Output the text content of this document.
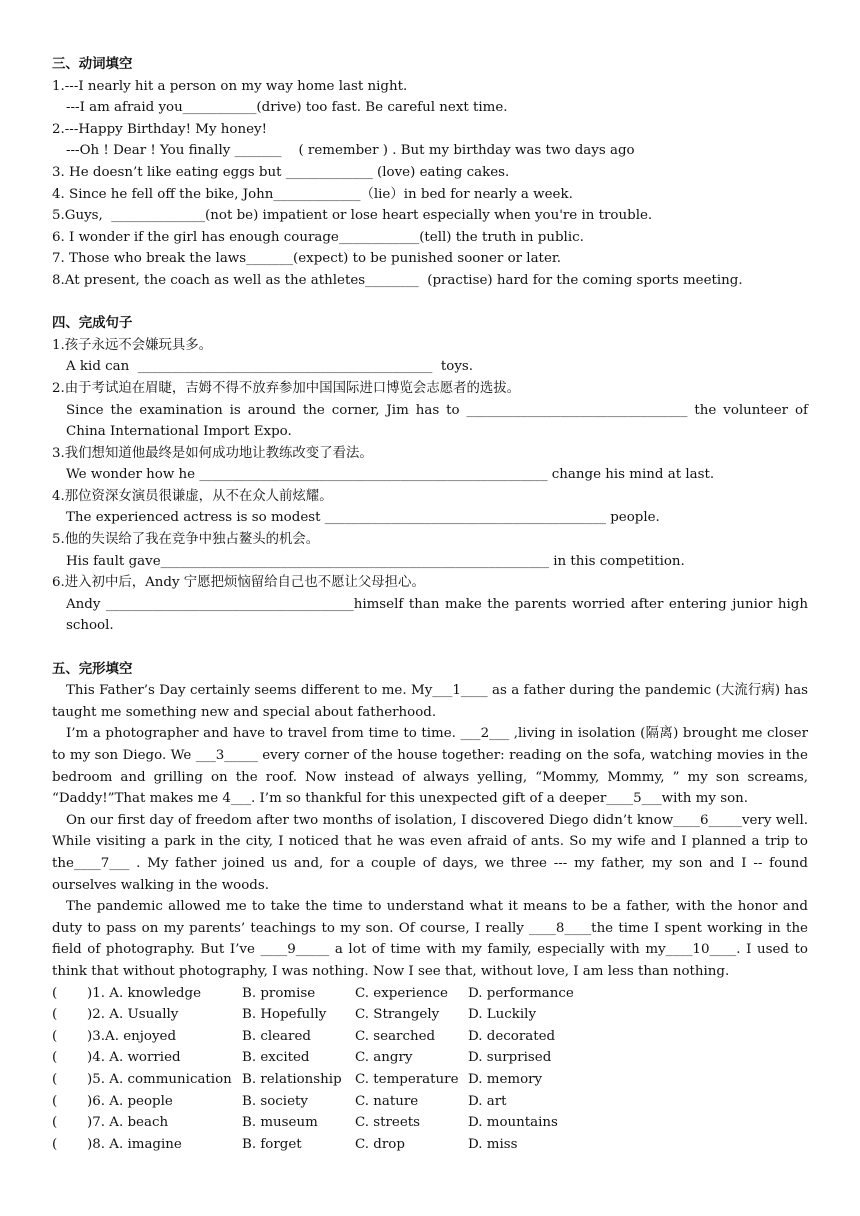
三、动词填空

1.---I nearly hit a person on my way home last night.

---I am afraid you___________(drive) too fast. Be careful next time.

2.---Happy Birthday! My honey!

---Oh ! Dear ! You finally _______    ( remember ) . But my birthday was two days ago

3. He doesn’t like eating eggs but _____________ (love) eating cakes.

4. Since he fell off the bike, John_____________（lie）in bed for nearly a week.

5.Guys,  ______________(not be) impatient or lose heart especially when you're in trouble.

6. I wonder if the girl has enough courage____________(tell) the truth in public.

7. Those who break the laws_______(expect) to be punished sooner or later.

8.At present, the coach as well as the athletes________  (practise) hard for the coming sports meeting.

四、完成句子

1.孩子永远不会嫌玩具多。

A kid can  ____________________________________________  toys.

2.由于考试迫在眉睫，吉姆不得不放弃参加中国国际进口博览会志愿者的选拔。

Since the examination is around the corner, Jim has to _________________________________ the volunteer of China International Import Expo.

3.我们想知道他最终是如何成功地让教练改变了看法。

We wonder how he ____________________________________________________ change his mind at last.

4.那位资深女演员很谦虚，从不在众人前炫耀。

The experienced actress is so modest __________________________________________ people.

5.他的失误给了我在竞争中独占鳌头的机会。

His fault gave__________________________________________________________ in this competition.

6.进入初中后，Andy 宁愿把烦恼留给自己也不愿让父母担心。

Andy _____________________________________himself than make the parents worried after entering junior high school.

五、完形填空

This Father’s Day certainly seems different to me. My___1____ as a father during the pandemic (大流行病) has taught me something new and special about fatherhood.

I’m a photographer and have to travel from time to time. ___2___ ,living in isolation (隔离) brought me closer to my son Diego. We ___3_____ every corner of the house together: reading on the sofa, watching movies in the bedroom and grilling on the roof. Now instead of always yelling, “Mommy, Mommy, ” my son screams, “Daddy!”That makes me 4___. I’m so thankful for this unexpected gift of a deeper____5___with my son.

On our first day of freedom after two months of isolation, I discovered Diego didn’t know____6_____very well. While visiting a park in the city, I noticed that he was even afraid of ants. So my wife and I planned a trip to the____7___ . My father joined us and, for a couple of days, we three --- my father, my son and I -- found ourselves walking in the woods.

The pandemic allowed me to take the time to understand what it means to be a father, with the honor and duty to pass on my parents’ teachings to my son. Of course, I really ____8____the time I spent working in the field of photography. But I’ve ____9_____ a lot of time with my family, especially with my____10____. I used to think that without photography, I was nothing. Now I see that, without love, I am less than nothing.

(       )1. A. knowledge	B. promise	C. experience	D. performance
(       )2. A. Usually	B. Hopefully	C. Strangely	D. Luckily
(       )3.A. enjoyed	B. cleared	C. searched	D. decorated
(       )4. A. worried	B. excited	C. angry	D. surprised
(       )5. A. communication B. relationship C. temperature D. memory
(       )6. A. people	B. society	C. nature	D. art
(       )7. A. beach	B. museum	C. streets	D. mountains
(       )8. A. imagine	B. forget	C. drop	D. miss
